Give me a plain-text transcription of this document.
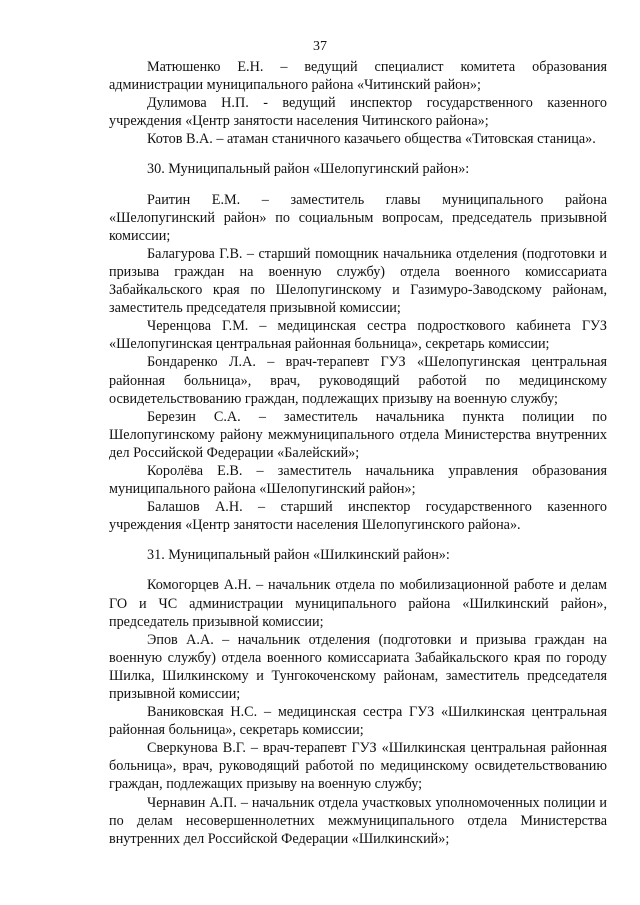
37

Матюшенко Е.Н. – ведущий специалист комитета образования администрации муниципального района «Читинский район»;

Дулимова Н.П. - ведущий инспектор государственного казенного учреждения «Центр занятости населения Читинского района»;

Котов В.А. – атаман станичного казачьего общества «Титовская станица».

30. Муниципальный район «Шелопугинский район»:

Раитин Е.М. – заместитель главы муниципального района «Шелопугинский район» по социальным вопросам, председатель призывной комиссии;

Балагурова Г.В. – старший помощник начальника отделения (подготовки и призыва граждан на военную службу) отдела военного комиссариата Забайкальского края по Шелопугинскому и Газимуро-Заводскому районам, заместитель председателя призывной комиссии;

Черенцова Г.М. – медицинская сестра подросткового кабинета ГУЗ «Шелопугинская центральная районная больница», секретарь комиссии;

Бондаренко Л.А. – врач-терапевт ГУЗ «Шелопугинская центральная районная больница», врач, руководящий работой по медицинскому освидетельствованию граждан, подлежащих призыву на военную службу;

Березин С.А. – заместитель начальника пункта полиции по Шелопугинскому району межмуниципального отдела Министерства внутренних дел Российской Федерации «Балейский»;

Королёва Е.В. – заместитель начальника управления образования муниципального района «Шелопугинский район»;

Балашов А.Н. – старший инспектор государственного казенного учреждения «Центр занятости населения Шелопугинского района».

31. Муниципальный район «Шилкинский район»:

Комогорцев А.Н. – начальник отдела по мобилизационной работе и делам ГО и ЧС администрации муниципального района «Шилкинский район», председатель призывной комиссии;

Эпов А.А. – начальник отделения (подготовки и призыва граждан на военную службу) отдела военного комиссариата Забайкальского края по городу Шилка, Шилкинскому и Тунгокоченскому районам, заместитель председателя призывной комиссии;

Ваниковская Н.С. – медицинская сестра ГУЗ «Шилкинская центральная районная больница», секретарь комиссии;

Сверкунова В.Г. – врач-терапевт ГУЗ «Шилкинская центральная районная больница», врач, руководящий работой по медицинскому освидетельствованию граждан, подлежащих призыву на военную службу;

Чернавин А.П. – начальник отдела участковых уполномоченных полиции и по делам несовершеннолетних межмуниципального отдела Министерства внутренних дел Российской Федерации «Шилкинский»;
